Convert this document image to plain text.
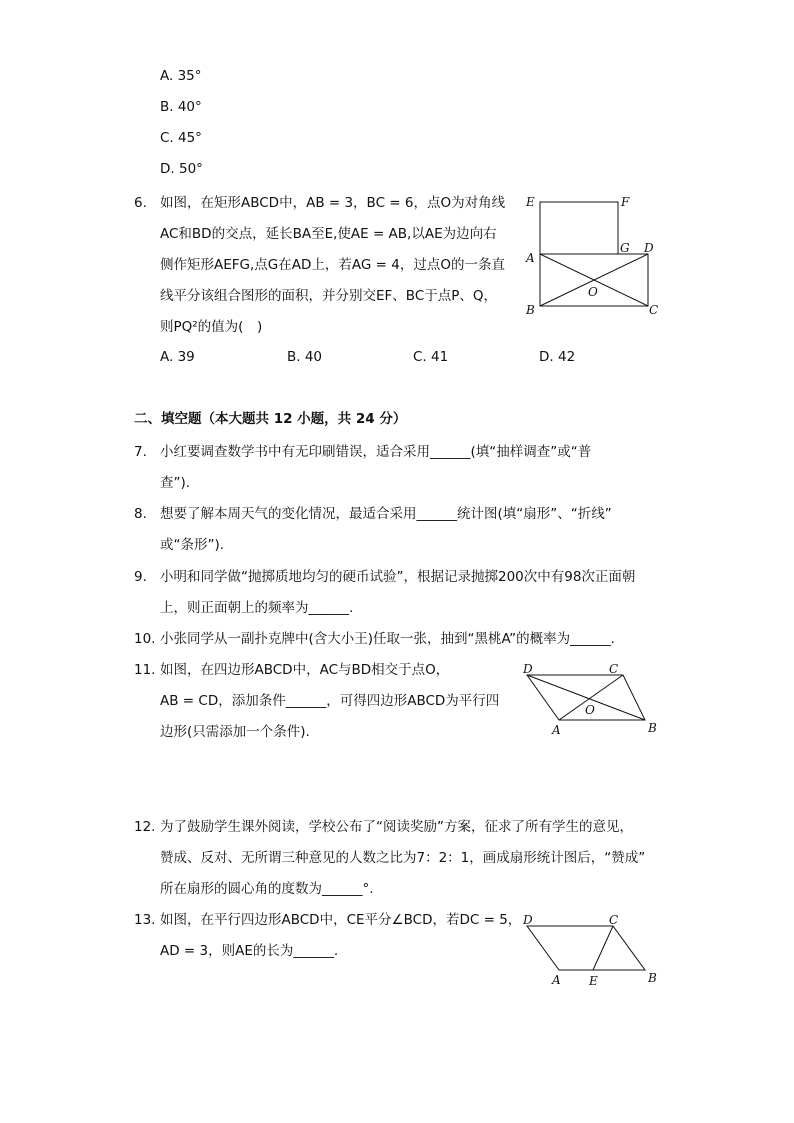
A. 35°
B. 40°
C. 45°
D. 50°
6. 如图，在矩形ABCD中，AB = 3，BC = 6，点O为对角线
AC和BD的交点，延长BA至E,使AE = AB,以AE为边向右
侧作矩形AEFG,点G在AD上，若AG = 4，过点O的一条直
线平分该组合图形的面积，并分别交EF、BC于点P、Q，
则PQ²的值为(　)
E	F
G D
A
O
B	C
A. 39	B. 40	C. 41	D. 42
二、填空题（本大题共 12 小题，共 24 分）
7. 小红要调查数学书中有无印刷错误，适合采用______(填“抽样调查”或“普
查”).
8. 想要了解本周天气的变化情况，最适合采用______统计图(填“扇形”、“折线”
或“条形”).
9. 小明和同学做“抛掷质地均匀的硬币试验”，根据记录抛掷200次中有98次正面朝
上，则正面朝上的频率为______.
10. 小张同学从一副扑克牌中(含大小王)任取一张，抽到“黑桃A”的概率为______.
11. 如图，在四边形ABCD中，AC与BD相交于点O，
AB = CD，添加条件______，可得四边形ABCD为平行四
边形(只需添加一个条件).
D	C
O
A	B
12. 为了鼓励学生课外阅读，学校公布了“阅读奖励”方案，征求了所有学生的意见，
赞成、反对、无所谓三种意见的人数之比为7：2：1，画成扇形统计图后，“赞成”
所在扇形的圆心角的度数为______°.
13. 如图，在平行四边形ABCD中，CE平分∠BCD，若DC = 5，
AD = 3，则AE的长为______.
D	C
A E	B
